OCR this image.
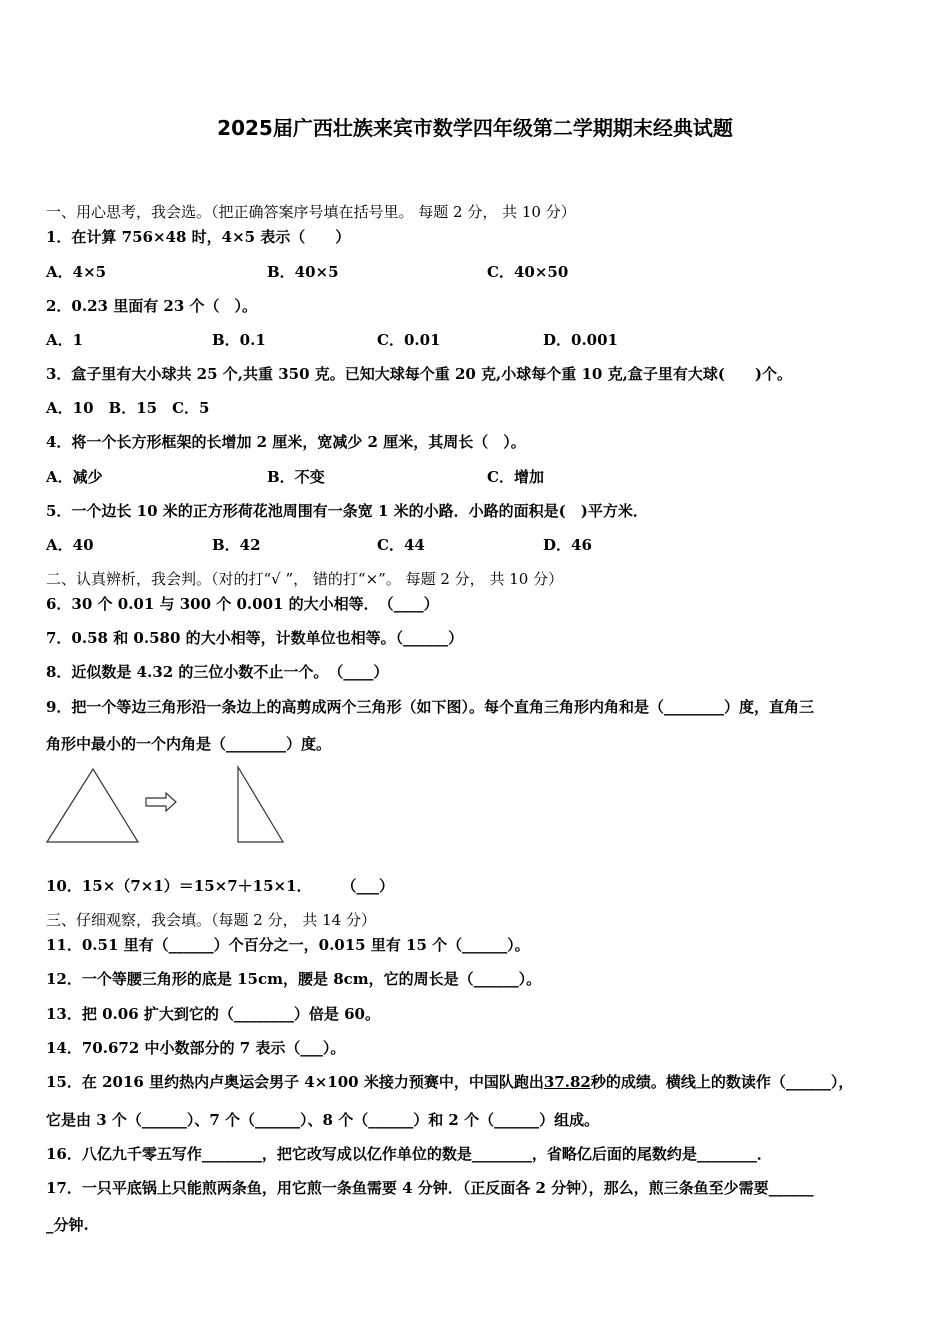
2025届广西壮族来宾市数学四年级第二学期期末经典试题
一、用心思考，我会选。（把正确答案序号填在括号里。 每题 2 分， 共 10 分）
1．在计算 756×48 时，4×5 表示（　　）
A．4×5	B．40×5	C．40×50
2．0.23 里面有 23 个（　）。
A．1	B．0.1	C．0.01	D．0.001
3．盒子里有大小球共 25 个,共重 350 克。已知大球每个重 20 克,小球每个重 10 克,盒子里有大球(　　)个。
A．10　B．15　C．5
4．将一个长方形框架的长增加 2 厘米，宽减少 2 厘米，其周长（　）。
A．减少	B．不变	C．增加
5．一个边长 10 米的正方形荷花池周围有一条宽 1 米的小路．小路的面积是(　)平方米．
A．40	B．42	C．44	D．46
二、认真辨析，我会判。（对的打“√ ”， 错的打“×”。 每题 2 分， 共 10 分）
6．30 个 0.01 与 300 个 0.001 的大小相等．　（____）
7．0.58 和 0.580 的大小相等，计数单位也相等。（______）
8．近似数是 4.32 的三位小数不止一个。　（____）
9．把一个等边三角形沿一条边上的高剪成两个三角形（如下图）。每个直角三角形内角和是（________）度，直角三
角形中最小的一个内角是（________）度。
10．15×（7×1）＝15×7＋15×1．　　　（___）
三、仔细观察，我会填。（每题 2 分， 共 14 分）
11．0.51 里有（______）个百分之一，0.015 里有 15 个（______）。
12．一个等腰三角形的底是 15cm，腰是 8cm，它的周长是（______）。
13．把 0.06 扩大到它的（________）倍是 60。
14．70.672 中小数部分的 7 表示（___）。
15．在 2016 里约热内卢奥运会男子 4×100 米接力预赛中，中国队跑出37.82秒的成绩。横线上的数读作（______），
它是由 3 个（______）、7 个（______）、8 个（______）和 2 个（______）组成。
16．八亿九千零五写作________，把它改写成以亿作单位的数是________，省略亿后面的尾数约是________．
17．一只平底锅上只能煎两条鱼，用它煎一条鱼需要 4 分钟．（正反面各 2 分钟），那么，煎三条鱼至少需要______
_分钟.
